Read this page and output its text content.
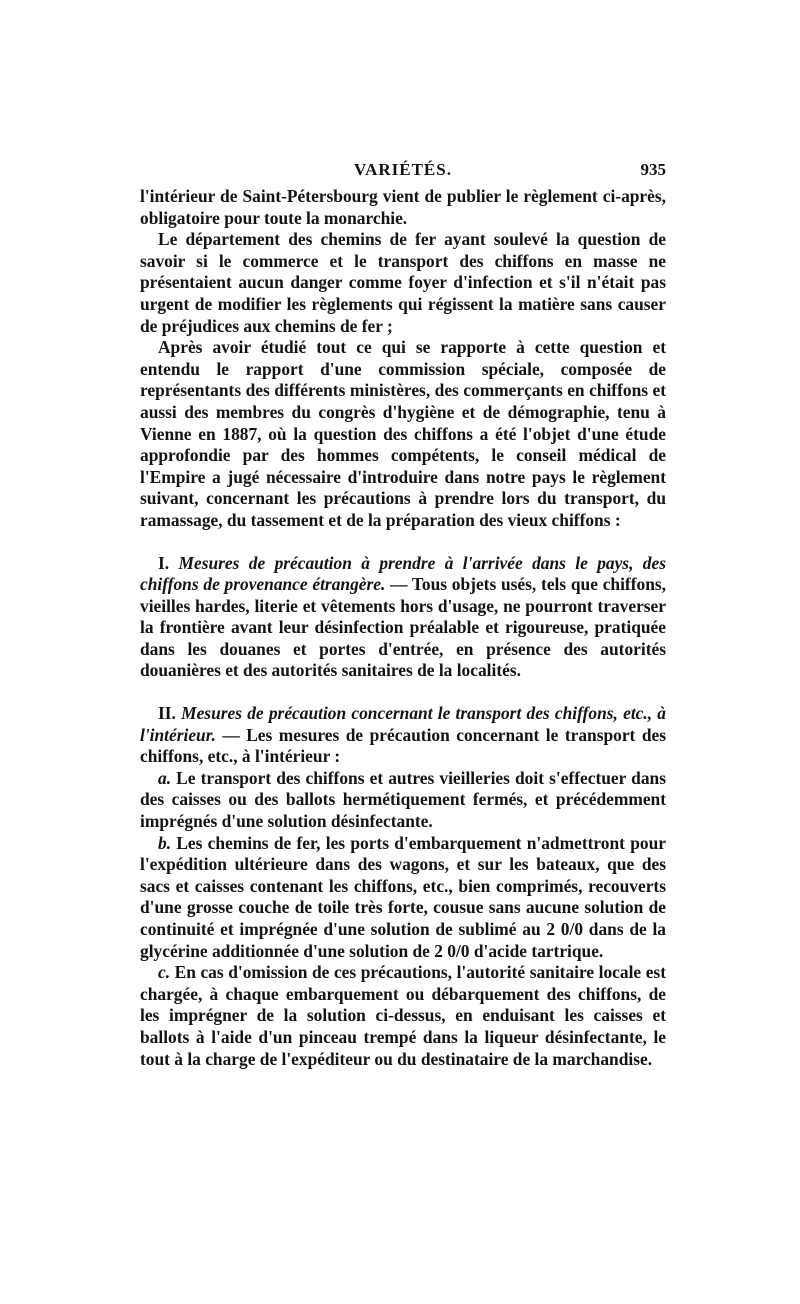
VARIÉTÉS.	935

l'intérieur de Saint-Pétersbourg vient de publier le règlement ci-après, obligatoire pour toute la monarchie.

Le département des chemins de fer ayant soulevé la question de savoir si le commerce et le transport des chiffons en masse ne présentaient aucun danger comme foyer d'infection et s'il n'était pas urgent de modifier les règlements qui régissent la matière sans causer de préjudices aux chemins de fer ;

Après avoir étudié tout ce qui se rapporte à cette question et entendu le rapport d'une commission spéciale, composée de représentants des différents ministères, des commerçants en chiffons et aussi des membres du congrès d'hygiène et de démographie, tenu à Vienne en 1887, où la question des chiffons a été l'objet d'une étude approfondie par des hommes compétents, le conseil médical de l'Empire a jugé nécessaire d'introduire dans notre pays le règlement suivant, concernant les précautions à prendre lors du transport, du ramassage, du tassement et de la préparation des vieux chiffons :

I. Mesures de précaution à prendre à l'arrivée dans le pays, des chiffons de provenance étrangère. — Tous objets usés, tels que chiffons, vieilles hardes, literie et vêtements hors d'usage, ne pourront traverser la frontière avant leur désinfection préalable et rigoureuse, pratiquée dans les douanes et portes d'entrée, en présence des autorités douanières et des autorités sanitaires de la localités.

II. Mesures de précaution concernant le transport des chiffons, etc., à l'intérieur. — Les mesures de précaution concernant le transport des chiffons, etc., à l'intérieur :

a. Le transport des chiffons et autres vieilleries doit s'effectuer dans des caisses ou des ballots hermétiquement fermés, et précédemment imprégnés d'une solution désinfectante.

b. Les chemins de fer, les ports d'embarquement n'admettront pour l'expédition ultérieure dans des wagons, et sur les bateaux, que des sacs et caisses contenant les chiffons, etc., bien comprimés, recouverts d'une grosse couche de toile très forte, cousue sans aucune solution de continuité et imprégnée d'une solution de sublimé au 2 0/0 dans de la glycérine additionnée d'une solution de 2 0/0 d'acide tartrique.

c. En cas d'omission de ces précautions, l'autorité sanitaire locale est chargée, à chaque embarquement ou débarquement des chiffons, de les imprégner de la solution ci-dessus, en enduisant les caisses et ballots à l'aide d'un pinceau trempé dans la liqueur désinfectante, le tout à la charge de l'expéditeur ou du destinataire de la marchandise.
